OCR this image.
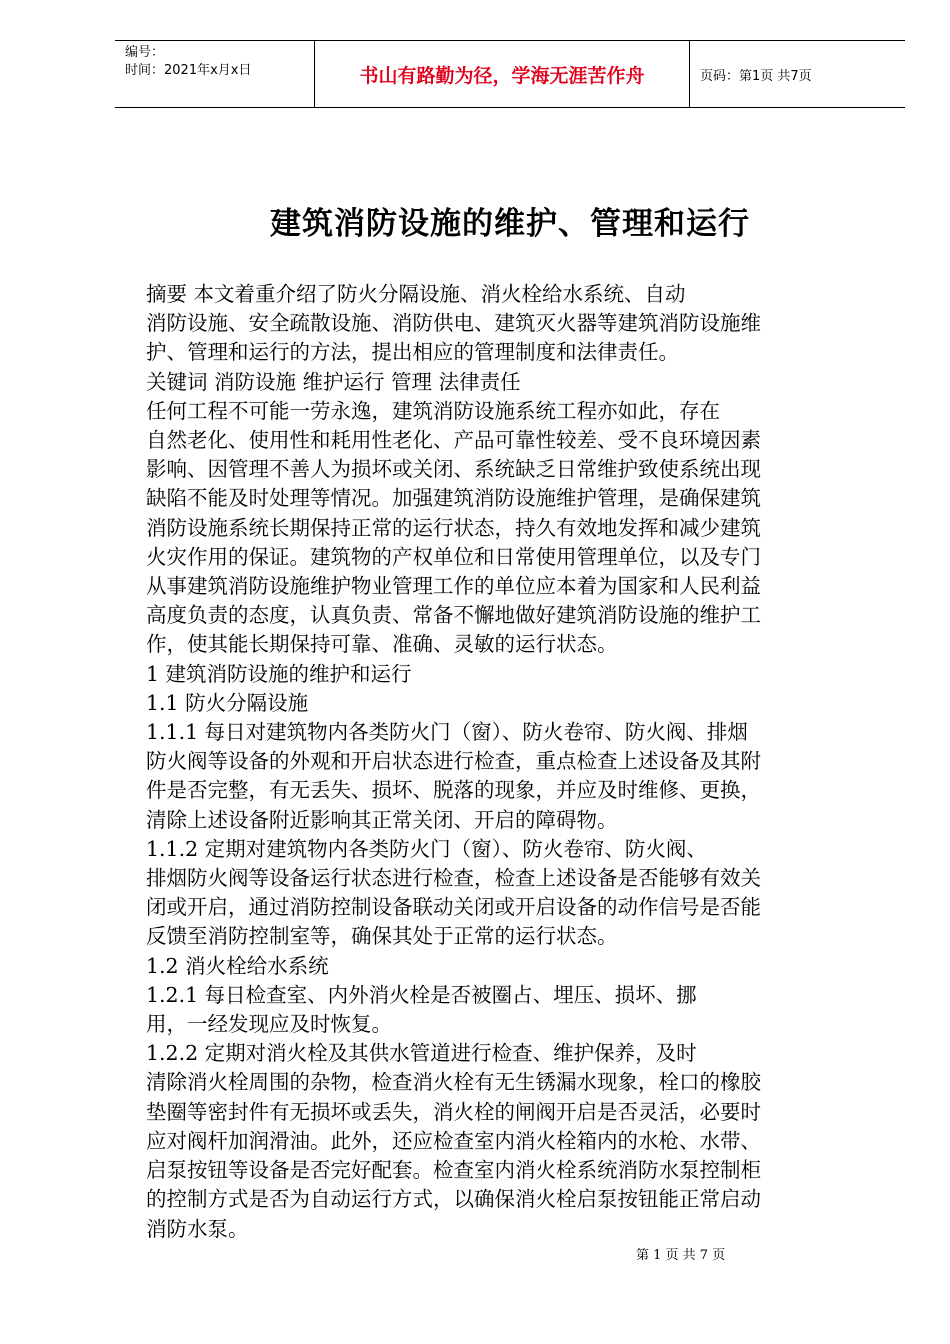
编号：
时间：2021年x月x日	书山有路勤为径，学海无涯苦作舟	页码：第1页 共7页
建筑消防设施的维护、管理和运行

摘要 本文着重介绍了防火分隔设施、消火栓给水系统、自动

消防设施、安全疏散设施、消防供电、建筑灭火器等建筑消防设施维

护、管理和运行的方法，提出相应的管理制度和法律责任。

关键词 消防设施 维护运行 管理 法律责任

任何工程不可能一劳永逸，建筑消防设施系统工程亦如此，存在

自然老化、使用性和耗用性老化、产品可靠性较差、受不良环境因素

影响、因管理不善人为损坏或关闭、系统缺乏日常维护致使系统出现

缺陷不能及时处理等情况。加强建筑消防设施维护管理，是确保建筑

消防设施系统长期保持正常的运行状态，持久有效地发挥和减少建筑

火灾作用的保证。建筑物的产权单位和日常使用管理单位，以及专门

从事建筑消防设施维护物业管理工作的单位应本着为国家和人民利益

高度负责的态度，认真负责、常备不懈地做好建筑消防设施的维护工

作，使其能长期保持可靠、准确、灵敏的运行状态。

1 建筑消防设施的维护和运行

1.1 防火分隔设施

1.1.1 每日对建筑物内各类防火门（窗）、防火卷帘、防火阀、排烟

防火阀等设备的外观和开启状态进行检查，重点检查上述设备及其附

件是否完整，有无丢失、损坏、脱落的现象，并应及时维修、更换，

清除上述设备附近影响其正常关闭、开启的障碍物。

1.1.2 定期对建筑物内各类防火门（窗）、防火卷帘、防火阀、

排烟防火阀等设备运行状态进行检查，检查上述设备是否能够有效关

闭或开启，通过消防控制设备联动关闭或开启设备的动作信号是否能

反馈至消防控制室等，确保其处于正常的运行状态。

1.2 消火栓给水系统

1.2.1 每日检查室、内外消火栓是否被圈占、埋压、损坏、挪

用，一经发现应及时恢复。

1.2.2 定期对消火栓及其供水管道进行检查、维护保养，及时

清除消火栓周围的杂物，检查消火栓有无生锈漏水现象，栓口的橡胶

垫圈等密封件有无损坏或丢失，消火栓的闸阀开启是否灵活，必要时

应对阀杆加润滑油。此外，还应检查室内消火栓箱内的水枪、水带、

启泵按钮等设备是否完好配套。检查室内消火栓系统消防水泵控制柜

的控制方式是否为自动运行方式，以确保消火栓启泵按钮能正常启动

消防水泵。

第 1 页 共 7 页
